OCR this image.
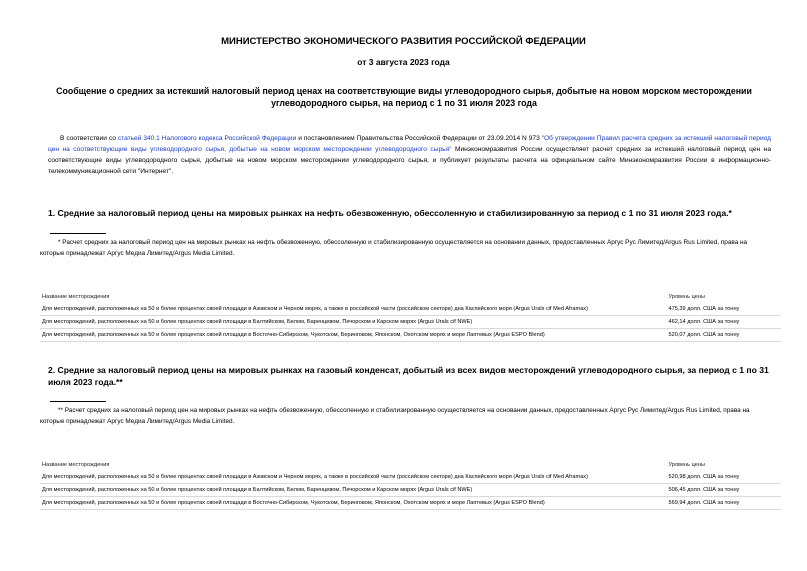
МИНИСТЕРСТВО ЭКОНОМИЧЕСКОГО РАЗВИТИЯ РОССИЙСКОЙ ФЕДЕРАЦИИ
от 3 августа 2023 года
Сообщение о средних за истекший налоговый период ценах на соответствующие виды углеводородного сырья, добытые на новом морском месторождении углеводородного сырья, на период с 1 по 31 июля 2023 года
В соответствии со статьей 340.1 Налогового кодекса Российской Федерации и постановлением Правительства Российской Федерации от 23.09.2014 N 973 "Об утверждении Правил расчета средних за истекший налоговый период цен на соответствующие виды углеводородного сырья, добытые на новом морском месторождении углеводородного сырья" Минэкономразвития России осуществляет расчет средних за истекший налоговый период цен на соответствующие виды углеводородного сырья, добытые на новом морском месторождении углеводородного сырья, и публикует результаты расчета на официальном сайте Минэкономразвития России в информационно-телекоммуникационной сети "Интернет".
1. Средние за налоговый период цены на мировых рынках на нефть обезвоженную, обессоленную и стабилизированную за период с 1 по 31 июля 2023 года.*
* Расчет средних за налоговый период цен на мировых рынках на нефть обезвоженную, обессоленную и стабилизированную осуществляется на основании данных, предоставленных Аргус Рус Лимитед/Argus Rus Limited, права на которые принадлежат Аргус Медиа Лимитед/Argus Media Limited.
Название месторождения	Уровень цены
Для месторождений, расположенных на 50 и более процентах своей площади в Азовском и Черном морях, а также в российской части (российском секторе) дна Каспийского моря (Argus Urals cif Med Aframax)	475,39 долл. США за тонну
Для месторождений, расположенных на 50 и более процентах своей площади в Балтийском, Белом, Баренцевом, Печорском и Карском морях (Argus Urals cif NWE)	462,14 долл. США за тонну
Для месторождений, расположенных на 50 и более процентах своей площади в Восточно-Сибирском, Чукотском, Беринговом, Японском, Охотском морях и море Лаптевых (Argus ESPO Blend)	520,07 долл. США за тонну
2. Средние за налоговый период цены на мировых рынках на газовый конденсат, добытый из всех видов месторождений углеводородного сырья, за период с 1 по 31 июля 2023 года.**
** Расчет средних за налоговый период цен на мировых рынках на нефть обезвоженную, обессоленную и стабилизированную осуществляется на основании данных, предоставленных Аргус Рус Лимитед/Argus Rus Limited, права на которые принадлежат Аргус Медиа Лимитед/Argus Media Limited.
Название месторождения	Уровень цены
Для месторождений, расположенных на 50 и более процентах своей площади в Азовском и Черном морях, а также в российской части (российском секторе) дна Каспийского моря (Argus Urals cif Med Aframax)	520,98 долл. США за тонну
Для месторождений, расположенных на 50 и более процентах своей площади в Балтийском, Белом, Баренцевом, Печорском и Карском морях (Argus Urals cif NWE)	506,45 долл. США за тонну
Для месторождений, расположенных на 50 и более процентах своей площади в Восточно-Сибирском, Чукотском, Беринговом, Японском, Охотском морях и море Лаптевых (Argus ESPO Blend)	569,94 долл. США за тонну
